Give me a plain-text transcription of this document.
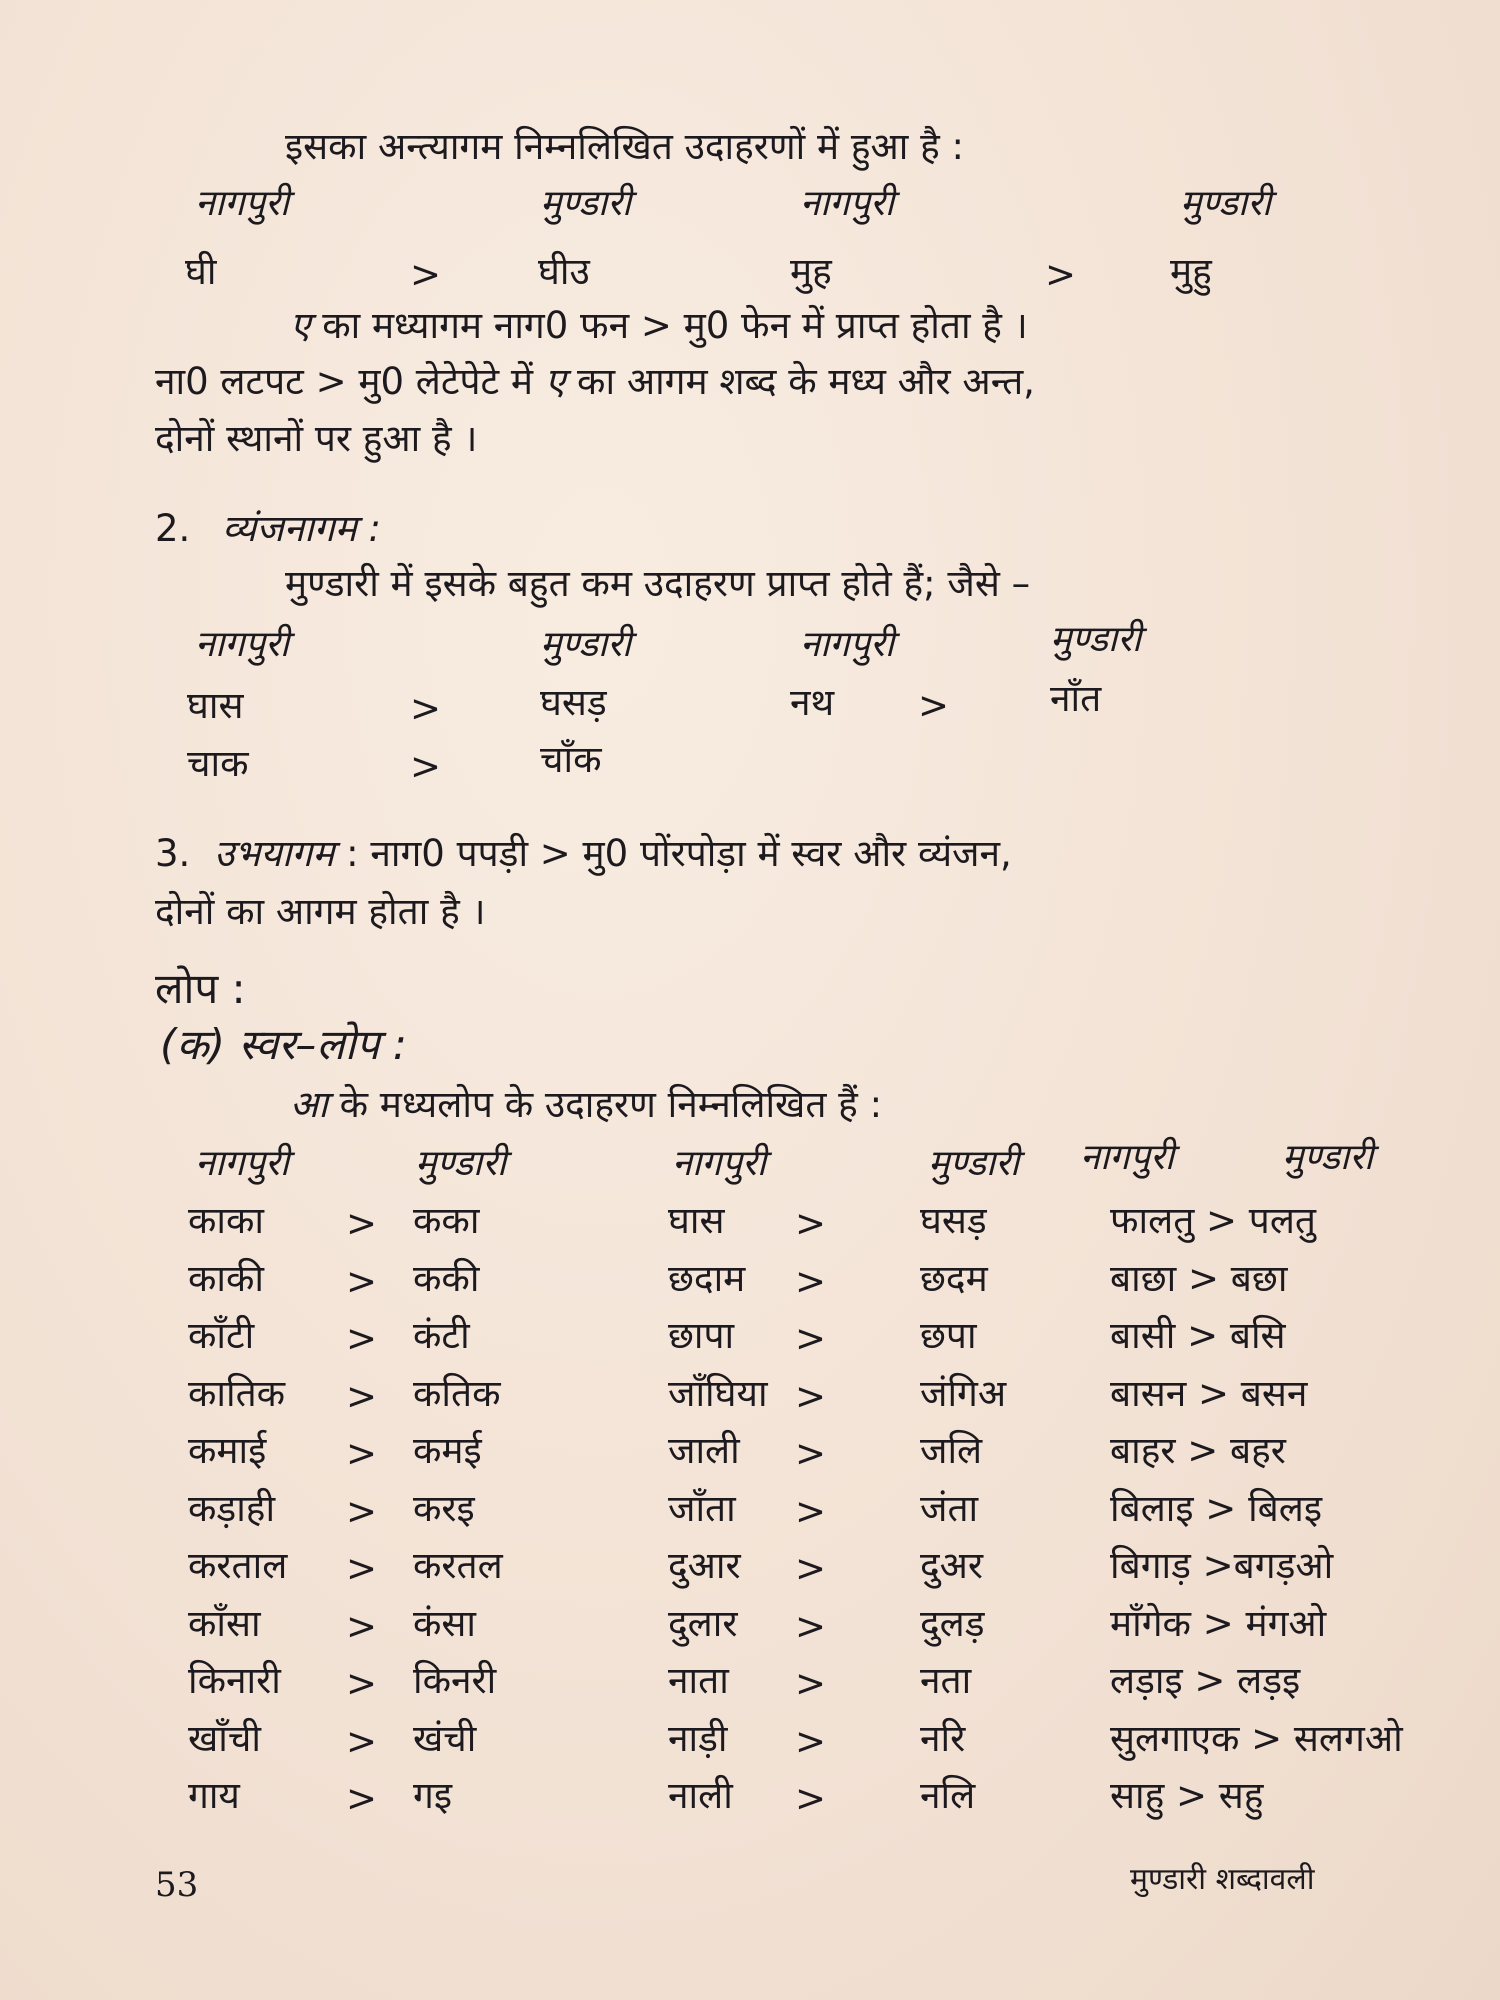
इसका अन्त्यागम निम्नलिखित उदाहरणों में हुआ है :
नागपुरी	मुण्डारी	नागपुरी	मुण्डारी
घी	>	घीउ	मुह	>	मुहु
ए का मध्यागम नाग0 फन > मु0 फेन में प्राप्त होता है ।
ना0 लटपट > मु0 लेटेपेटे में ए का आगम शब्द के मध्य और अन्त,
दोनों स्थानों पर हुआ है ।
2. व्यंजनागम :
मुण्डारी में इसके बहुत कम उदाहरण प्राप्त होते हैं; जैसे –
नागपुरी	मुण्डारी	नागपुरी	मुण्डारी
घास	>	घसड़	नथ >	नाँत
चाक	>	चाँक
3. उभयागम : नाग0 पपड़ी > मु0 पोंरपोड़ा में स्वर और व्यंजन,
दोनों का आगम होता है ।
लोप :
(क) स्वर–लोप :
आ के मध्यलोप के उदाहरण निम्नलिखित हैं :
नागपुरी	मुण्डारी	नागपुरी	मुण्डारी नागपुरी	मुण्डारी
काका > कका	घास >	घसड़	फालतु > पलतु
काकी > ककी	छदाम >	छदम	बाछा > बछा
काँटी > कंटी	छापा >	छपा	बासी > बसि
कातिक > कतिक	जाँघिया >	जंगिअ	बासन > बसन
कमाई > कमई	जाली >	जलि	बाहर > बहर
कड़ाही > करइ	जाँता >	जंता	बिलाइ > बिलइ
करताल > करतल	दुआर >	दुअर	बिगाड़ >बगड़ओ
काँसा > कंसा	दुलार >	दुलड़	माँगेक > मंगओ
किनारी > किनरी	नाता >	नता	लड़ाइ > लड़इ
खाँची > खंची	नाड़ी >	नरि	सुलगाएक > सलगओ
गाय	> गइ	नाली >	नलि	साहु > सहु
53	मुण्डारी शब्दावली
